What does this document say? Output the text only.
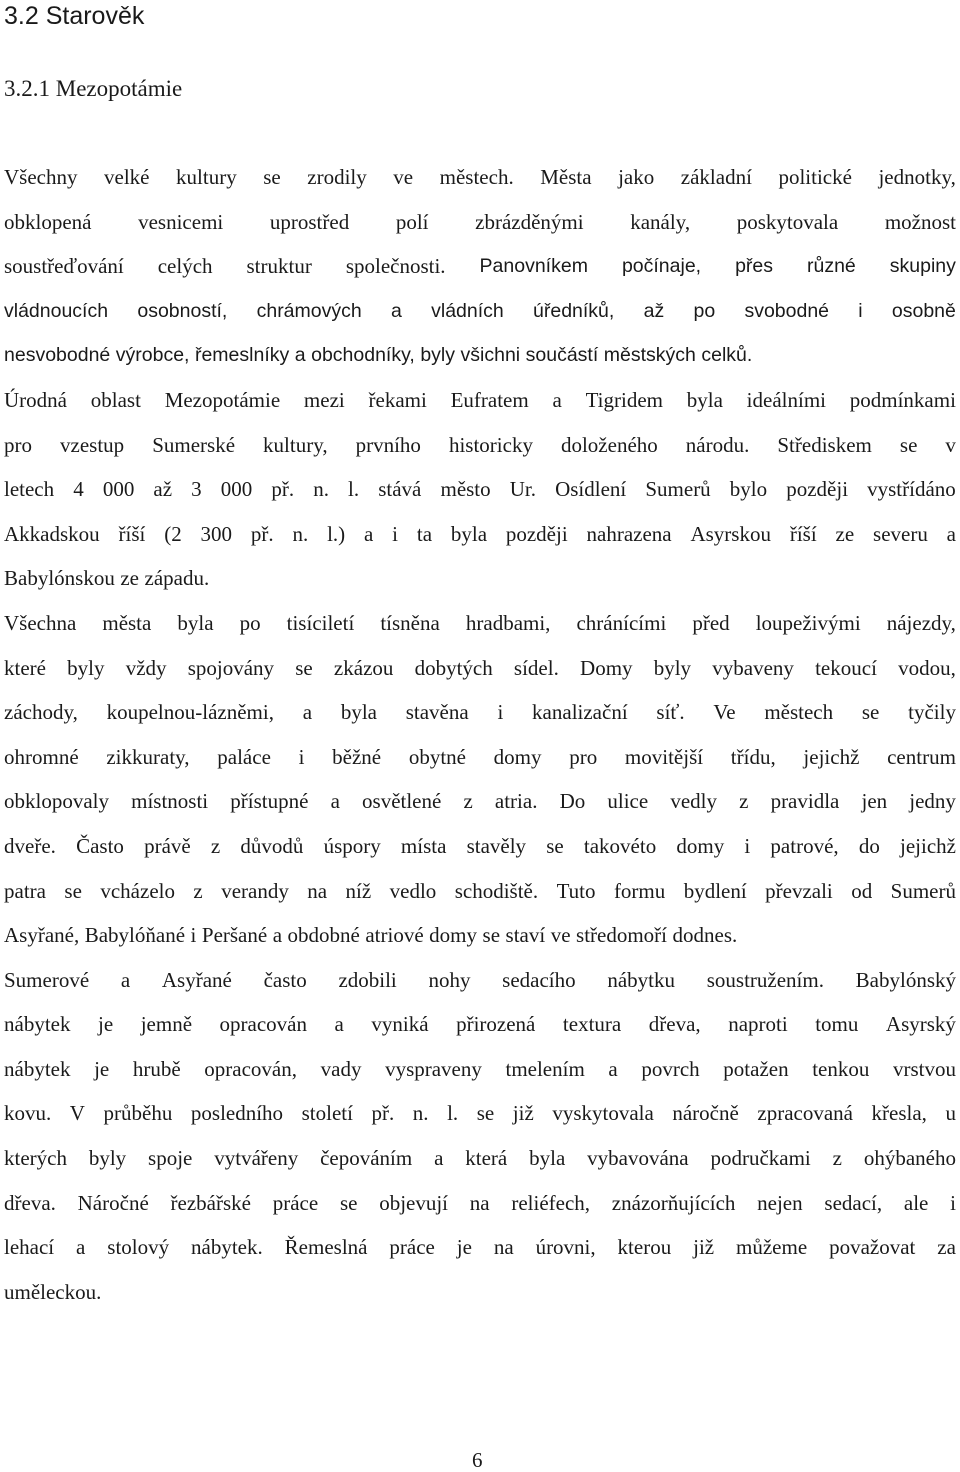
3.2 Starověk
3.2.1 Mezopotámie
Všechny velké kultury se zrodily ve městech. Města jako základní politické jednotky,
obklopená vesnicemi uprostřed polí zbrázděnými kanály, poskytovala možnost
soustřeďování celých struktur společnosti. Panovníkem počínaje, přes různé skupiny
vládnoucích osobností, chrámových a vládních úředníků, až po svobodné i osobně
nesvobodné výrobce, řemeslníky a obchodníky, byly všichni součástí městských celků.
Úrodná oblast Mezopotámie mezi řekami Eufratem a Tigridem byla ideálními podmínkami
pro vzestup Sumerské kultury, prvního historicky doloženého národu. Střediskem se v
letech 4 000 až 3 000 př. n. l. stává město Ur. Osídlení Sumerů bylo později vystřídáno
Akkadskou říší (2 300 př. n. l.) a i ta byla později nahrazena Asyrskou říší ze severu a
Babylónskou ze západu.
Všechna města byla po tisíciletí tísněna hradbami, chránícími před loupeživými nájezdy,
které byly vždy spojovány se zkázou dobytých sídel. Domy byly vybaveny tekoucí vodou,
záchody, koupelnou-lázněmi, a byla stavěna i kanalizační síť. Ve městech se tyčily
ohromné zikkuraty, paláce i běžné obytné domy pro movitější třídu, jejichž centrum
obklopovaly místnosti přístupné a osvětlené z atria. Do ulice vedly z pravidla jen jedny
dveře. Často právě z důvodů úspory místa stavěly se takovéto domy i patrové, do jejichž
patra se vcházelo z verandy na níž vedlo schodiště. Tuto formu bydlení převzali od Sumerů
Asyřané, Babylóňané i Peršané a obdobné atriové domy se staví ve středomoří dodnes.
Sumerové a Asyřané často zdobili nohy sedacího nábytku soustružením. Babylónský
nábytek je jemně opracován a vyniká přirozená textura dřeva, naproti tomu Asyrský
nábytek je hrubě opracován, vady vyspraveny tmelením a povrch potažen tenkou vrstvou
kovu. V průběhu posledního století př. n. l. se již vyskytovala náročně zpracovaná křesla, u
kterých byly spoje vytvářeny čepováním a která byla vybavována područkami z ohýbaného
dřeva. Náročné řezbářské práce se objevují na reliéfech, znázorňujících nejen sedací, ale i
lehací a stolový nábytek. Řemeslná práce je na úrovni, kterou již můžeme považovat za
uměleckou.
6
